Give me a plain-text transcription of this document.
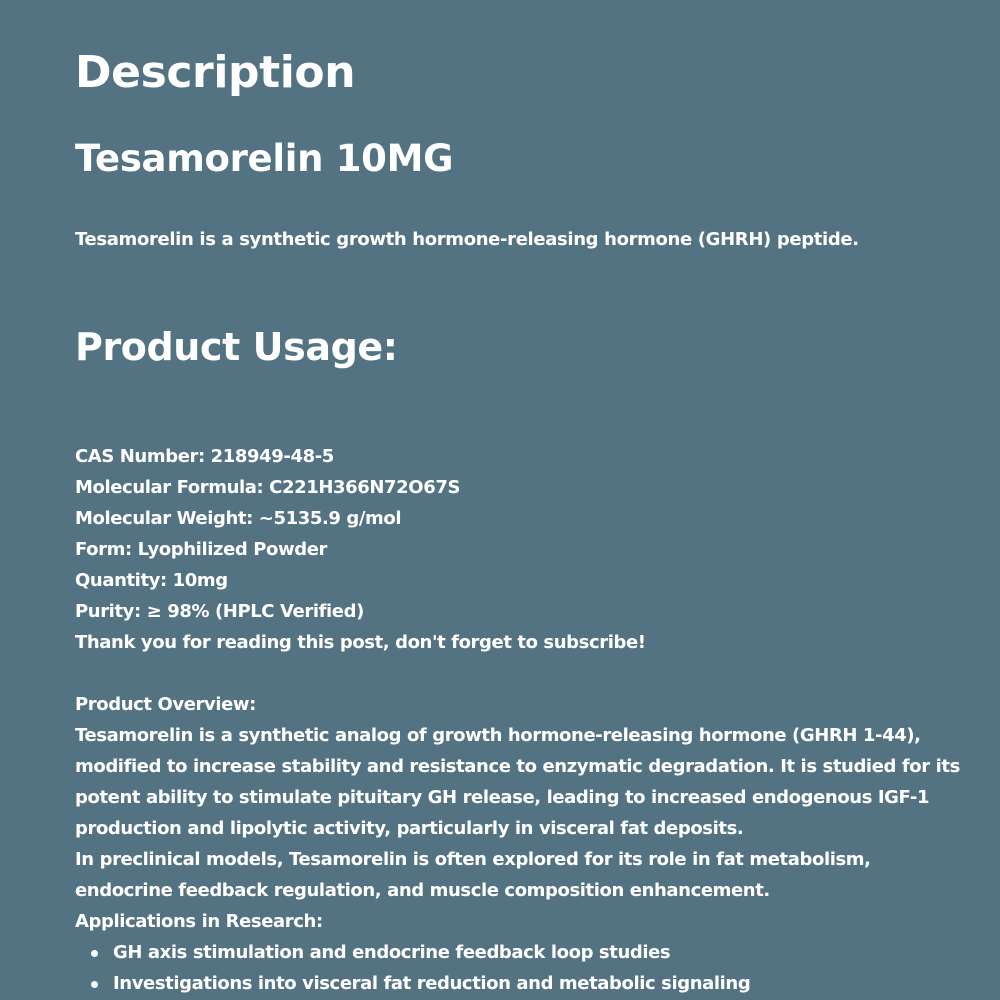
Description
Tesamorelin 10MG

Tesamorelin is a synthetic growth hormone-releasing hormone (GHRH) peptide.

Product Usage:

CAS Number: 218949-48-5

Molecular Formula: C221H366N72O67S

Molecular Weight: ~5135.9 g/mol

Form: Lyophilized Powder

Quantity: 10mg

Purity: ≥ 98% (HPLC Verified)

Thank you for reading this post, don't forget to subscribe!

Product Overview:

Tesamorelin is a synthetic analog of growth hormone-releasing hormone (GHRH 1-44),

modified to increase stability and resistance to enzymatic degradation. It is studied for its

potent ability to stimulate pituitary GH release, leading to increased endogenous IGF-1

production and lipolytic activity, particularly in visceral fat deposits.

In preclinical models, Tesamorelin is often explored for its role in fat metabolism,

endocrine feedback regulation, and muscle composition enhancement.

Applications in Research:

GH axis stimulation and endocrine feedback loop studies
Investigations into visceral fat reduction and metabolic signaling
